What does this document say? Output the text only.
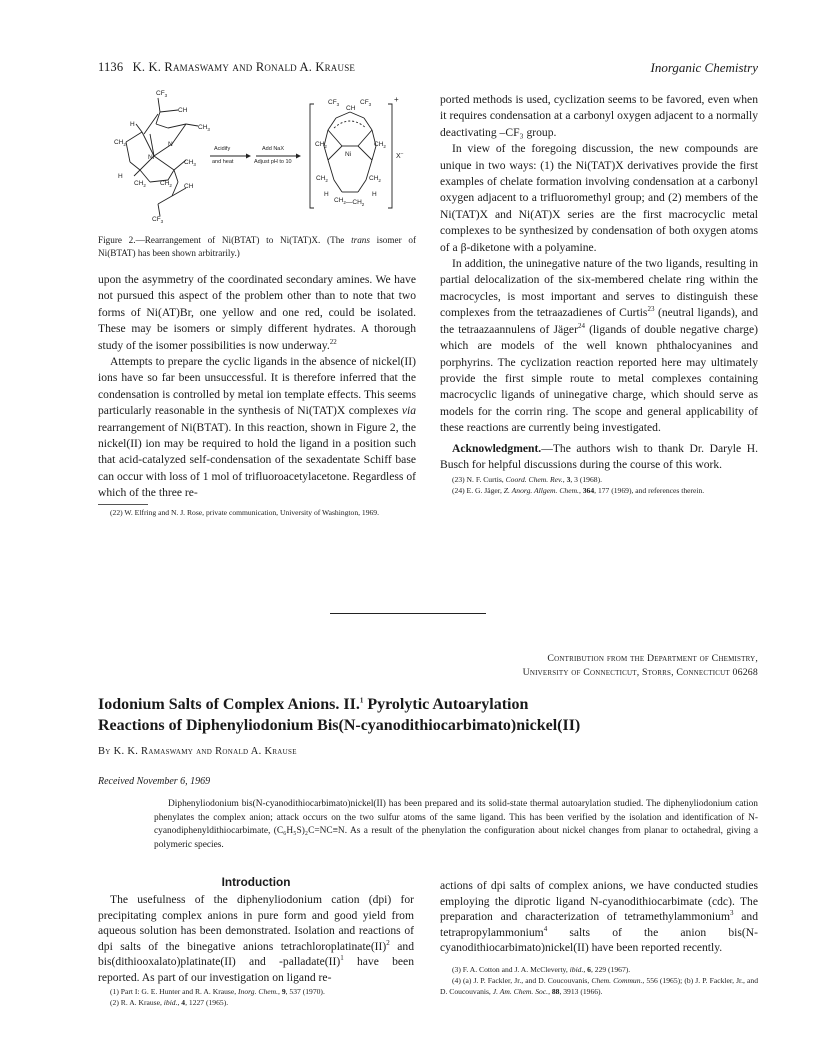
1136 K. K. Ramaswamy and Ronald A. Krause	Inorganic Chemistry
$CF_3$
CH
$CH_3$
H
$CH_2$
Ni
H
N
$CH_3$
CH
$CF_3$
$CH_2$ $CH_2$
Acidify
and heat
Add NaX
Adjust pH to 10
$CF_3$	$CF_3$
CH
$CH_2$	$CH_2$
Ni
$CH_2$	$CH_2$
H	H
$CH_2—CH_2$
+
X−
Figure 2.—Rearrangement of Ni(BTAT) to Ni(TAT)X. (The trans isomer of Ni(BTAT) has been shown arbitrarily.)

upon the asymmetry of the coordinated secondary amines. We have not pursued this aspect of the problem other than to note that two forms of Ni(AT)Br, one yellow and one red, could be isolated. These may be isomers or simply different hydrates. A thorough study of the isomer possibilities is now underway.$^{22}$

Attempts to prepare the cyclic ligands in the absence of nickel(II) ions have so far been unsuccessful. It is therefore inferred that the condensation is controlled by metal ion template effects. This seems particularly reasonable in the synthesis of Ni(TAT)X complexes via rearrangement of Ni(BTAT). In this reaction, shown in Figure 2, the nickel(II) ion may be required to hold the ligand in a position such that acid-catalyzed self-condensation of the sexadentate Schiff base can occur with loss of 1 mol of trifluoroacetylacetone. Regardless of which of the three re-

(22) W. Elfring and N. J. Rose, private communication, University of Washington, 1969.

ported methods is used, cyclization seems to be favored, even when it requires condensation at a carbonyl oxygen adjacent to a normally deactivating –CF₃ group.

In view of the foregoing discussion, the new compounds are unique in two ways: (1) the Ni(TAT)X derivatives provide the first examples of chelate formation involving condensation at a carbonyl oxygen adjacent to a trifluoromethyl group; and (2) members of the Ni(TAT)X and Ni(AT)X series are the first macrocyclic metal complexes to be synthesized by condensation of both oxygen atoms of a β-diketone with a polyamine.

In addition, the uninegative nature of the two ligands, resulting in partial delocalization of the six-membered chelate ring within the macrocycles, is most important and serves to distinguish these complexes from the tetraazadienes of Curtis$^{23}$ (neutral ligands), and the tetraazaannulens of Jäger$^{24}$ (ligands of double negative charge) which are models of the well known phthalocyanines and porphyrins. The cyclization reaction reported here may ultimately provide the first simple route to metal complexes containing macrocyclic ligands of uninegative charge, which should serve as models for the corrin ring. The scope and general applicability of these reactions are currently being investigated.

Acknowledgment.—The authors wish to thank Dr. Daryle H. Busch for helpful discussions during the course of this work.

(23) N. F. Curtis, Coord. Chem. Rev., 3, 3 (1968).

(24) E. G. Jäger, Z. Anorg. Allgem. Chem., 364, 177 (1969), and references therein.

Contribution from the Department of Chemistry,
University of Connecticut, Storrs, Connecticut 06268
Iodonium Salts of Complex Anions. II.$^1$ Pyrolytic Autoarylation
Reactions of Diphenyliodonium Bis(N-cyanodithiocarbimato)nickel(II)
By K. K. Ramaswamy and Ronald A. Krause
Received November 6, 1969

Diphenyliodonium bis(N-cyanodithiocarbimato)nickel(II) has been prepared and its solid-state thermal autoarylation studied. The diphenyliodonium cation phenylates the complex anion; attack occurs on the two sulfur atoms of the same ligand. This has been verified by the isolation and identification of N-cyanodiphenyldithiocarbimate, (C₆H₅S)₂C=NC≡N. As a result of the phenylation the configuration about nickel changes from planar to octahedral, giving a polymeric species.

Introduction

The usefulness of the diphenyliodonium cation (dpi) for precipitating complex anions in pure form and good yield from aqueous solution has been demonstrated. Isolation and reactions of dpi salts of the binegative anions tetrachloroplatinate(II)$^2$ and bis(dithiooxalato)platinate(II) and -palladate(II)$^1$ have been reported. As part of our investigation on ligand re-

(1) Part I: G. E. Hunter and R. A. Krause, Inorg. Chem., 9, 537 (1970).

(2) R. A. Krause, ibid., 4, 1227 (1965).

actions of dpi salts of complex anions, we have conducted studies employing the diprotic ligand N-cyanodithiocarbimate (cdc). The preparation and characterization of tetramethylammonium$^3$ and tetrapropylammonium$^4$ salts of the anion bis(N-cyanodithiocarbimato)nickel(II) have been reported recently.

(3) F. A. Cotton and J. A. McCleverty, ibid., 6, 229 (1967).

(4) (a) J. P. Fackler, Jr., and D. Coucouvanis, Chem. Commun., 556 (1965); (b) J. P. Fackler, Jr., and D. Coucouvanis, J. Am. Chem. Soc., 88, 3913 (1966).
